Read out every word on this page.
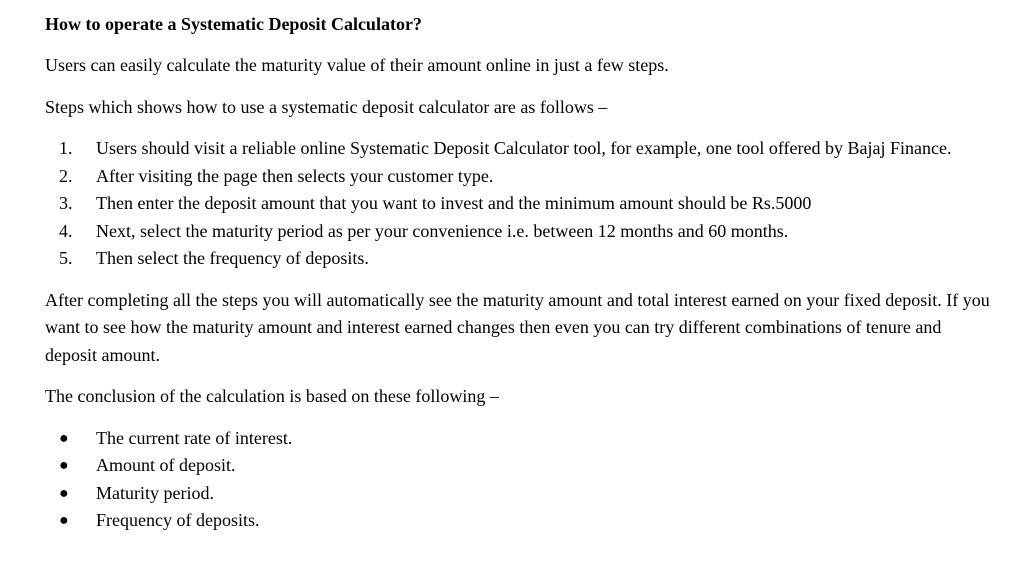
How to operate a Systematic Deposit Calculator?

Users can easily calculate the maturity value of their amount online in just a few steps.

Steps which shows how to use a systematic deposit calculator are as follows –

1.	Users should visit a reliable online Systematic Deposit Calculator tool, for example, one tool offered by Bajaj Finance.
2.	After visiting the page then selects your customer type.
3.	Then enter the deposit amount that you want to invest and the minimum amount should be Rs.5000
4.	Next, select the maturity period as per your convenience i.e. between 12 months and 60 months.
5.	Then select the frequency of deposits.

After completing all the steps you will automatically see the maturity amount and total interest earned on your fixed deposit. If you want to see how the maturity amount and interest earned changes then even you can try different combinations of tenure and deposit amount.

The conclusion of the calculation is based on these following –

●	The current rate of interest.
●	Amount of deposit.
●	Maturity period.
●	Frequency of deposits.
